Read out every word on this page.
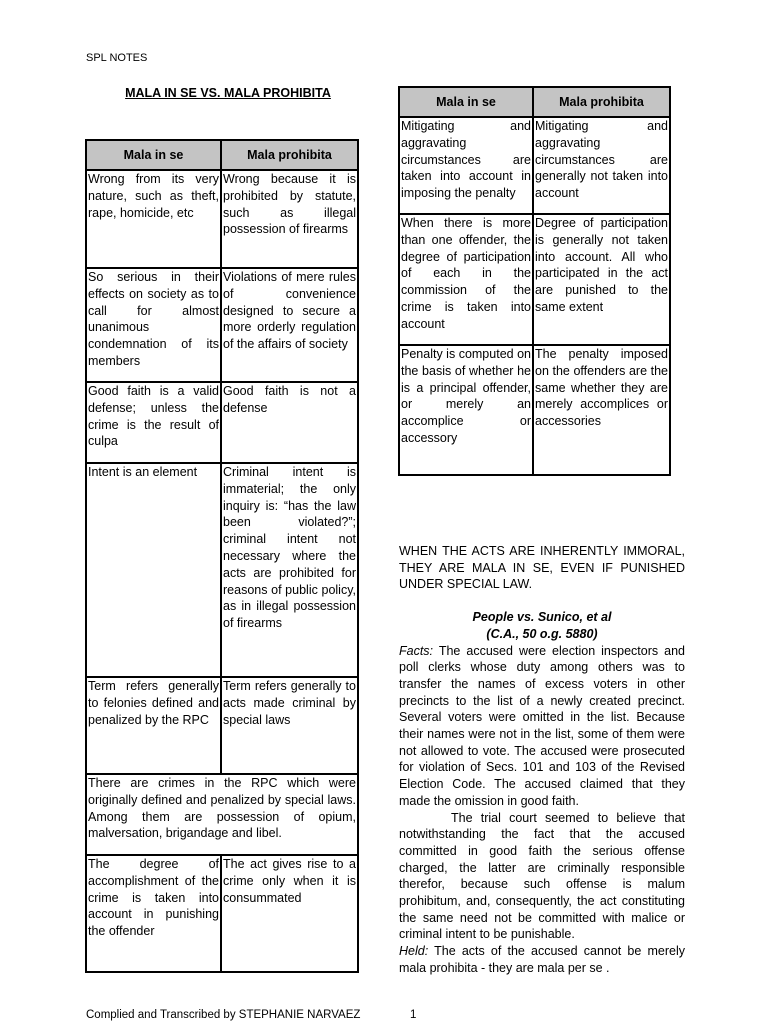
SPL NOTES
MALA IN SE VS. MALA PROHIBITA
Mala in se	Mala prohibita
Wrong from its very nature, such as theft, rape, homicide, etc	Wrong because it is prohibited by statute, such as illegal possession of firearms
So serious in their effects on society as to call for almost unanimous condemnation of its members	Violations of mere rules of convenience designed to secure a more orderly regulation of the affairs of society
Good faith is a valid defense; unless the crime is the result of culpa	Good faith is not a defense
Intent is an element	Criminal intent is immaterial; the only inquiry is: “has the law been violated?”; criminal intent not necessary where the acts are prohibited for reasons of public policy, as in illegal possession of firearms
Term refers generally to felonies defined and penalized by the RPC	Term refers generally to acts made criminal by special laws
There are crimes in the RPC which were originally defined and penalized by special laws. Among them are possession of opium, malversation, brigandage and libel.	
The degree of accomplishment of the crime is taken into account in punishing the offender	The act gives rise to a crime only when it is consummated
Mala in se	Mala prohibita
Mitigating and aggravating circumstances are taken into account in imposing the penalty	Mitigating and aggravating circumstances are generally not taken into account
When there is more than one offender, the degree of participation of each in the commission of the crime is taken into account	Degree of participation is generally not taken into account. All who participated in the act are punished to the same extent
Penalty is computed on the basis of whether he is a principal offender, or merely an accomplice or accessory	The penalty imposed on the offenders are the same whether they are merely accomplices or accessories

WHEN THE ACTS ARE INHERENTLY IMMORAL, THEY ARE MALA IN SE, EVEN IF PUNISHED UNDER SPECIAL LAW.

People vs. Sunico, et al

(C.A., 50 o.g. 5880)

Facts: The accused were election inspectors and poll clerks whose duty among others was to transfer the names of excess voters in other precincts to the list of a newly created precinct. Several voters were omitted in the list. Because their names were not in the list, some of them were not allowed to vote. The accused were prosecuted for violation of Secs. 101 and 103 of the Revised Election Code. The accused claimed that they made the omission in good faith.

The trial court seemed to believe that notwithstanding the fact that the accused committed in good faith the serious offense charged, the latter are criminally responsible therefor, because such offense is malum prohibitum, and, consequently, the act constituting the same need not be committed with malice or criminal intent to be punishable.

Held: The acts of the accused cannot be merely mala prohibita - they are mala per se .

Complied and Transcribed by STEPHANIE NARVAEZ	1
